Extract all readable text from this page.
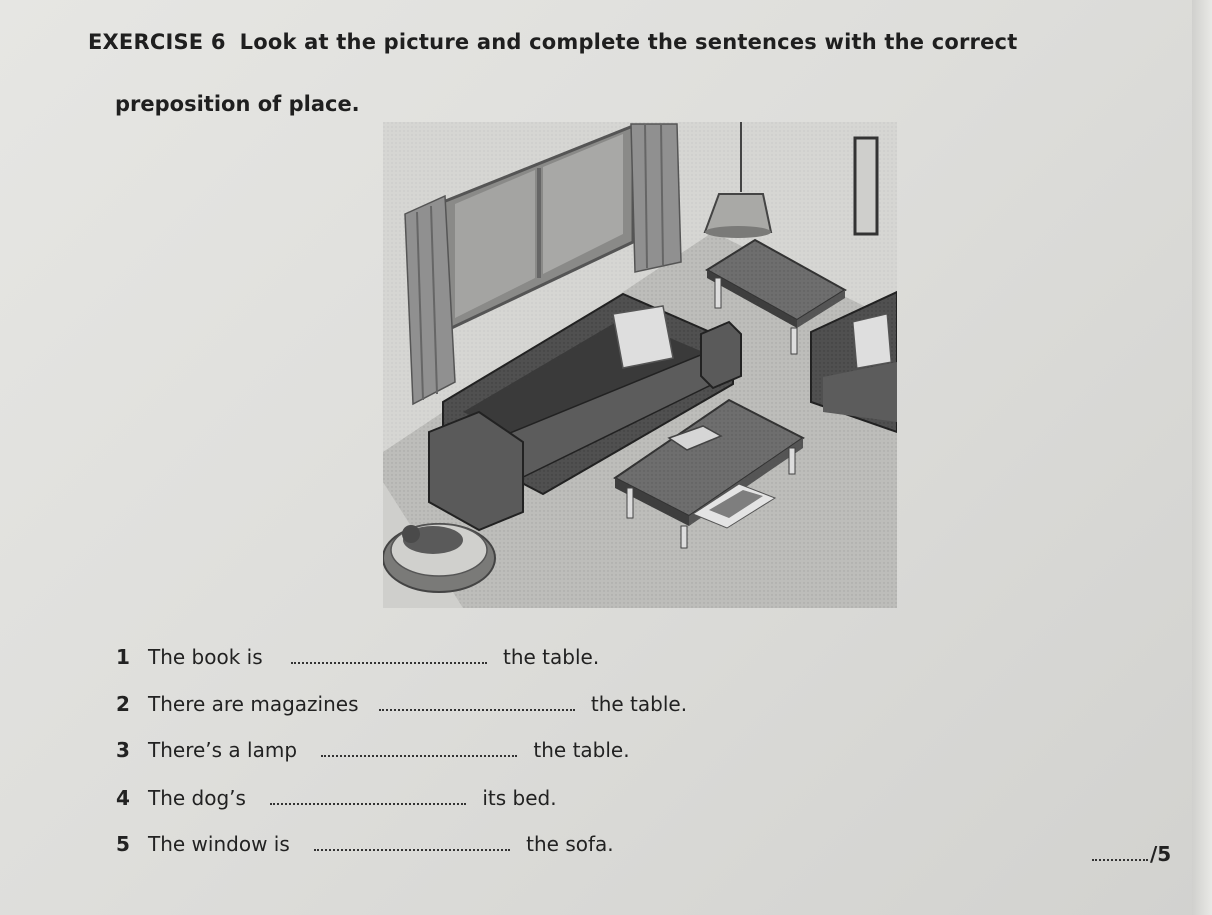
EXERCISE 6 Look at the picture and complete the sentences with the correct
preposition of place.
1 The book is	the table.
2 There are magazines	the table.
3 There’s a lamp	the table.
4 The dog’s	its bed.
5 The window is	the sofa.	/5
